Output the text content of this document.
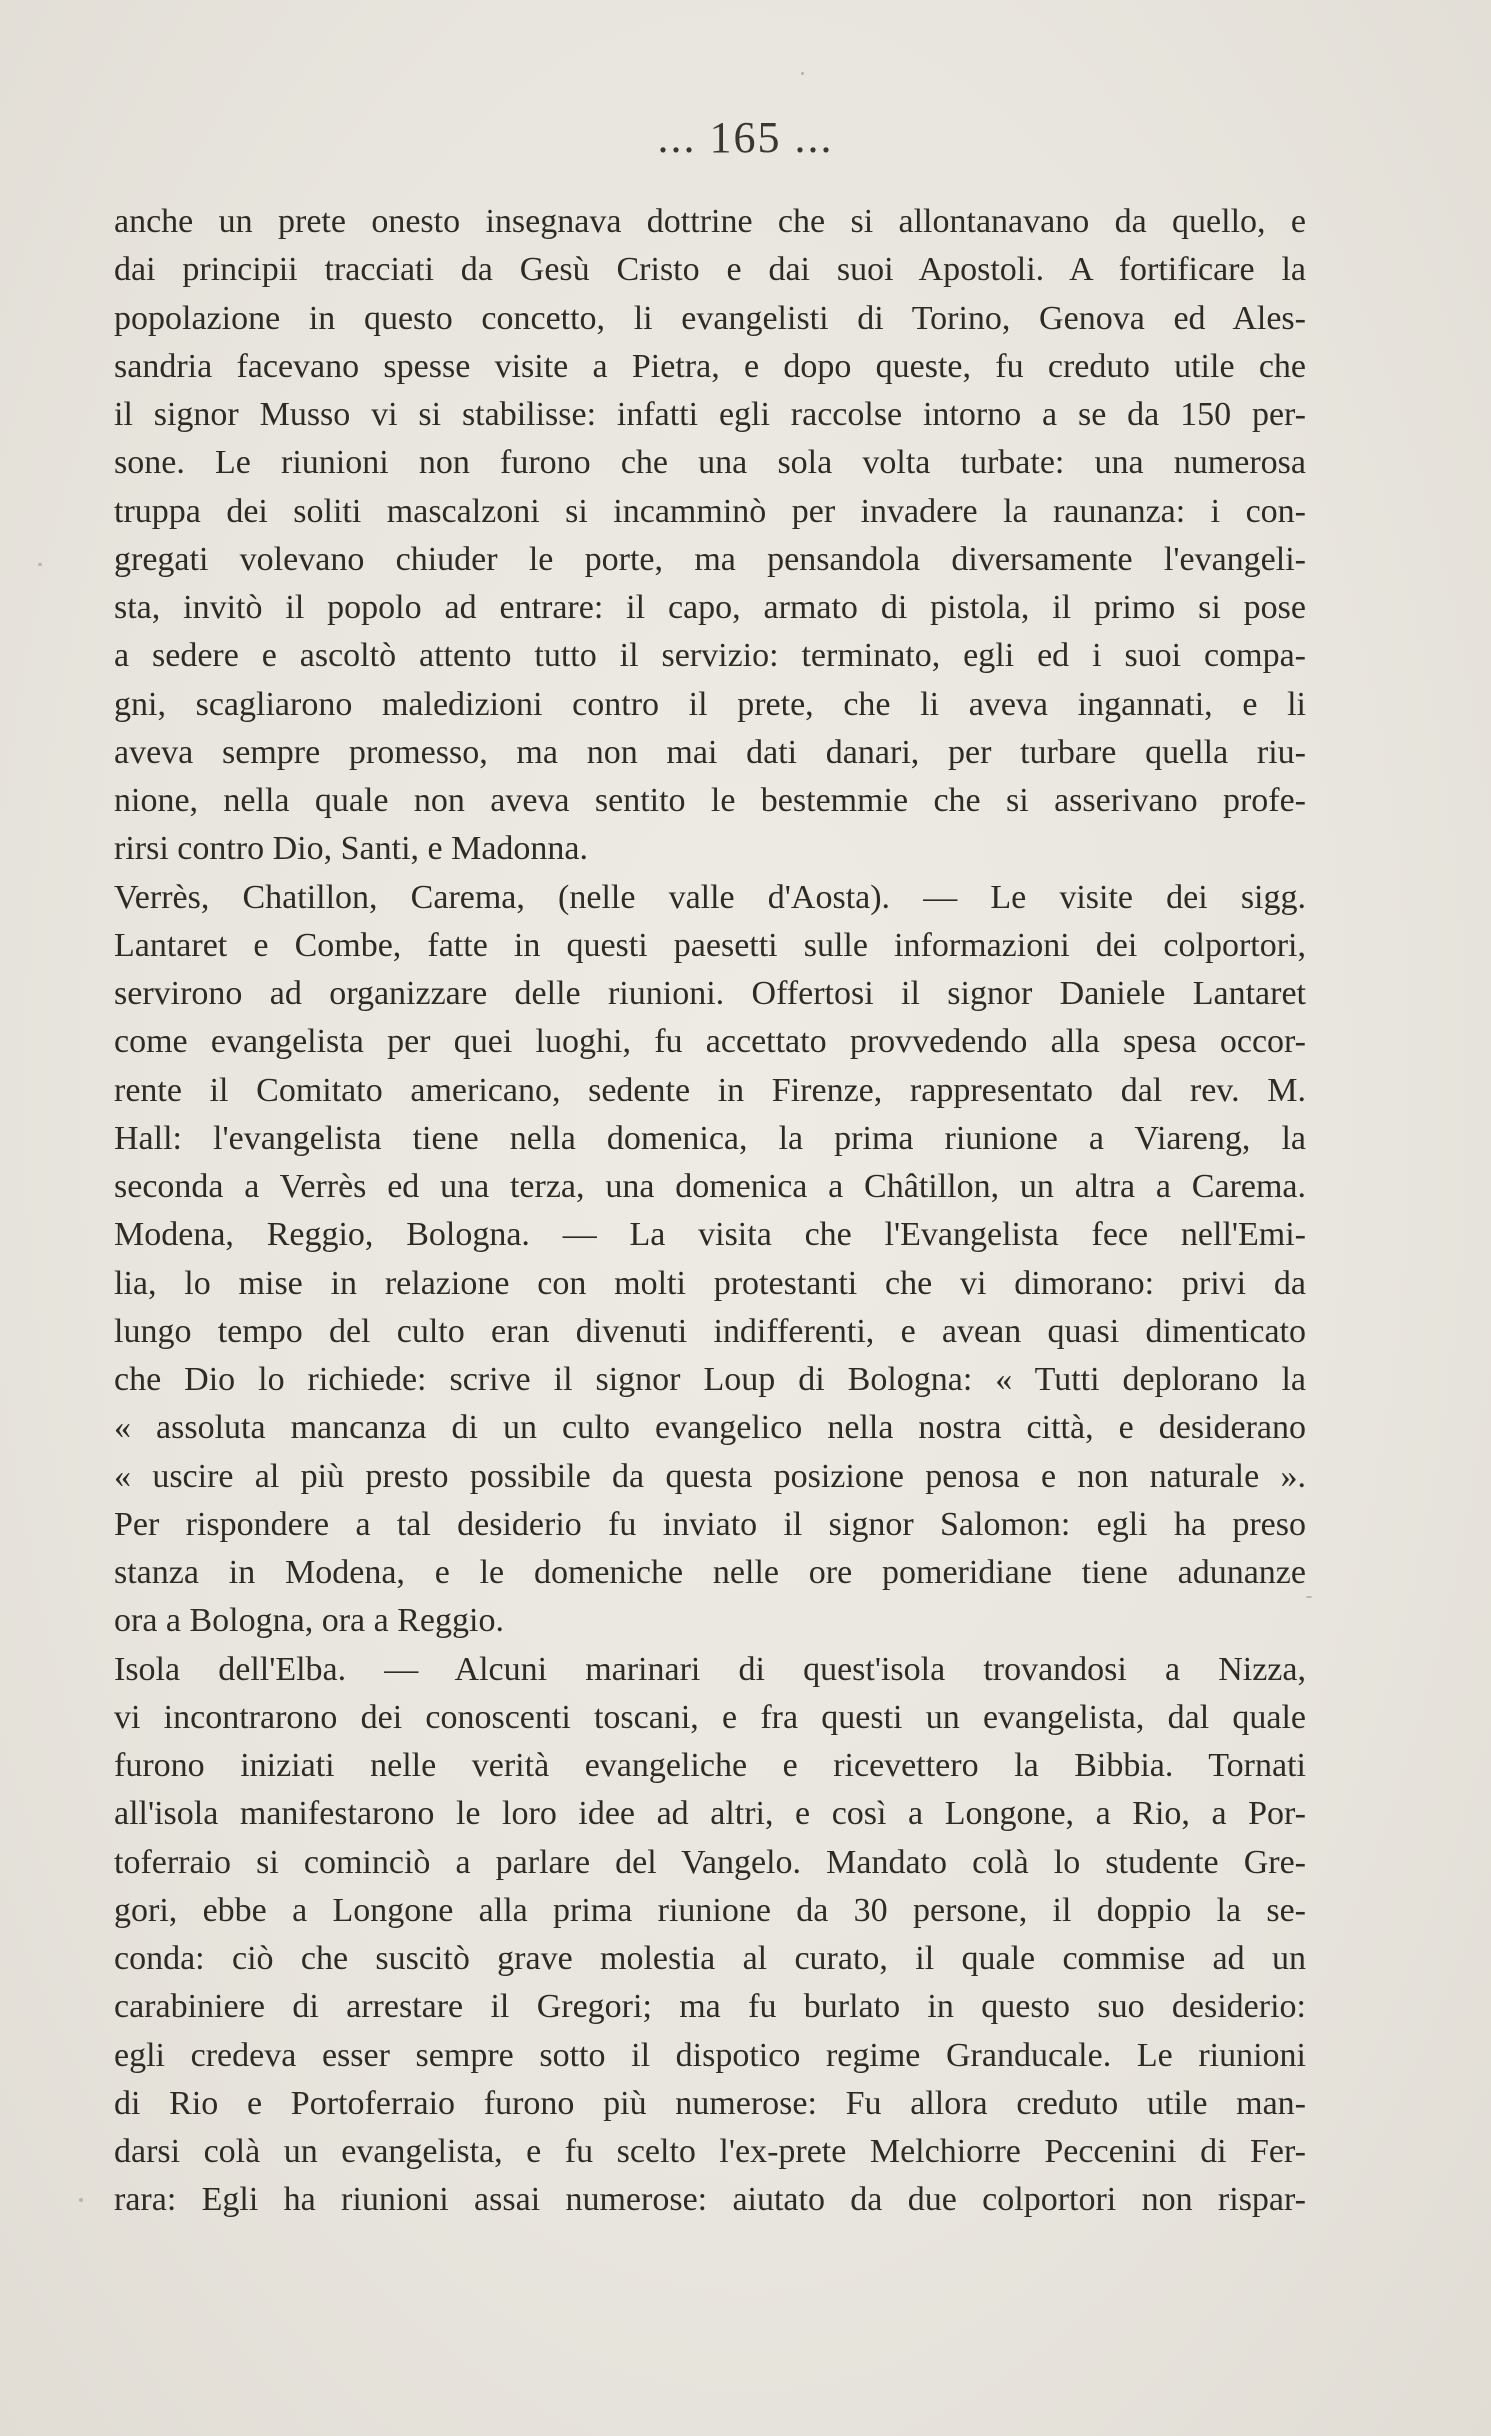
... 165 ...
anche un prete onesto insegnava dottrine che si allontanavano da quello, e
dai principii tracciati da Gesù Cristo e dai suoi Apostoli. A fortificare la
popolazione in questo concetto, li evangelisti di Torino, Genova ed Ales-
sandria facevano spesse visite a Pietra, e dopo queste, fu creduto utile che
il signor Musso vi si stabilisse: infatti egli raccolse intorno a se da 150 per-
sone. Le riunioni non furono che una sola volta turbate: una numerosa
truppa dei soliti mascalzoni si incamminò per invadere la raunanza: i con-
gregati volevano chiuder le porte, ma pensandola diversamente l'evangeli-
sta, invitò il popolo ad entrare: il capo, armato di pistola, il primo si pose
a sedere e ascoltò attento tutto il servizio: terminato, egli ed i suoi compa-
gni, scagliarono maledizioni contro il prete, che li aveva ingannati, e li
aveva sempre promesso, ma non mai dati danari, per turbare quella riu-
nione, nella quale non aveva sentito le bestemmie che si asserivano profe-
rirsi contro Dio, Santi, e Madonna.
Verrès, Chatillon, Carema, (nelle valle d'Aosta). — Le visite dei sigg.
Lantaret e Combe, fatte in questi paesetti sulle informazioni dei colportori,
servirono ad organizzare delle riunioni. Offertosi il signor Daniele Lantaret
come evangelista per quei luoghi, fu accettato provvedendo alla spesa occor-
rente il Comitato americano, sedente in Firenze, rappresentato dal rev. M.
Hall: l'evangelista tiene nella domenica, la prima riunione a Viareng, la
seconda a Verrès ed una terza, una domenica a Châtillon, un altra a Carema.
Modena, Reggio, Bologna. — La visita che l'Evangelista fece nell'Emi-
lia, lo mise in relazione con molti protestanti che vi dimorano: privi da
lungo tempo del culto eran divenuti indifferenti, e avean quasi dimenticato
che Dio lo richiede: scrive il signor Loup di Bologna: « Tutti deplorano la
« assoluta mancanza di un culto evangelico nella nostra città, e desiderano
« uscire al più presto possibile da questa posizione penosa e non naturale ».
Per rispondere a tal desiderio fu inviato il signor Salomon: egli ha preso
stanza in Modena, e le domeniche nelle ore pomeridiane tiene adunanze
ora a Bologna, ora a Reggio.
Isola dell'Elba. — Alcuni marinari di quest'isola trovandosi a Nizza,
vi incontrarono dei conoscenti toscani, e fra questi un evangelista, dal quale
furono iniziati nelle verità evangeliche e ricevettero la Bibbia. Tornati
all'isola manifestarono le loro idee ad altri, e così a Longone, a Rio, a Por-
toferraio si cominciò a parlare del Vangelo. Mandato colà lo studente Gre-
gori, ebbe a Longone alla prima riunione da 30 persone, il doppio la se-
conda: ciò che suscitò grave molestia al curato, il quale commise ad un
carabiniere di arrestare il Gregori; ma fu burlato in questo suo desiderio:
egli credeva esser sempre sotto il dispotico regime Granducale. Le riunioni
di Rio e Portoferraio furono più numerose: Fu allora creduto utile man-
darsi colà un evangelista, e fu scelto l'ex-prete Melchiorre Peccenini di Fer-
rara: Egli ha riunioni assai numerose: aiutato da due colportori non rispar-
